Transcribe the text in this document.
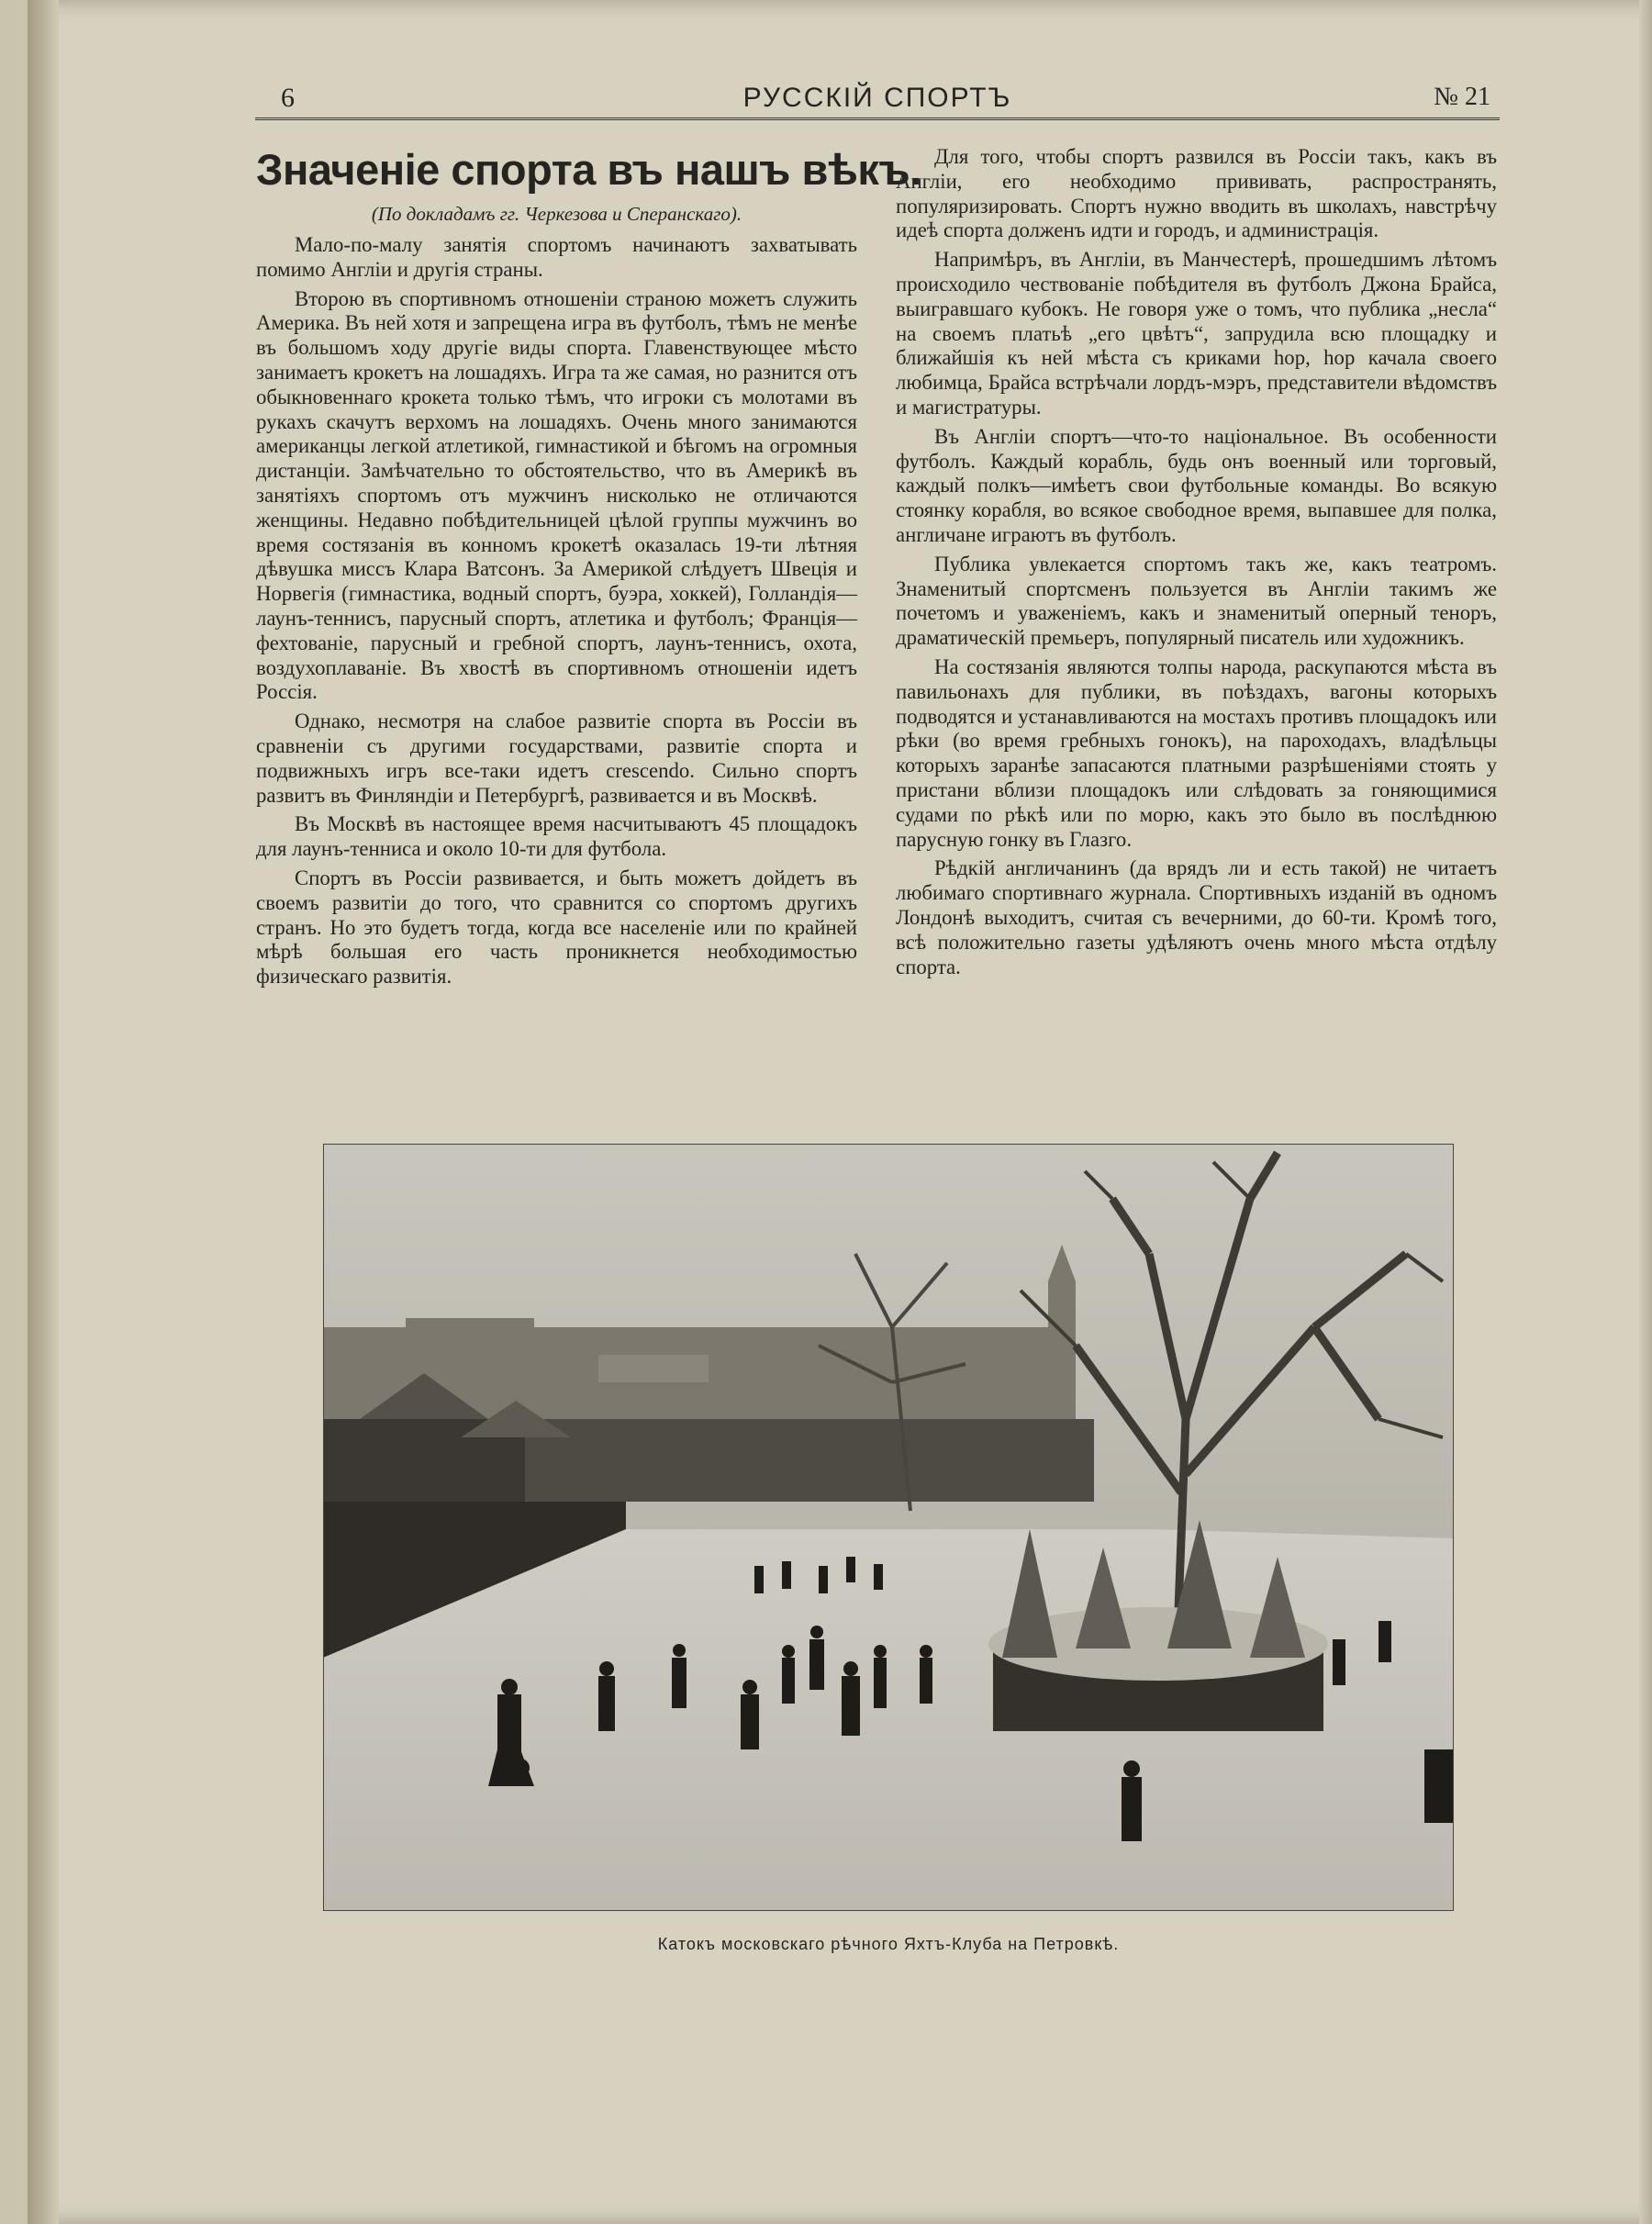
6	РУССКІЙ СПОРТЪ	№ 21
Значеніе спорта въ нашъ вѣкъ.
(По докладамъ гг. Черкезова и Сперанскаго).

Мало-по-малу занятія спортомъ начинаютъ захватывать помимо Англіи и другія страны.

Второю въ спортивномъ отношеніи страною можетъ служить Америка. Въ ней хотя и запрещена игра въ футболъ, тѣмъ не менѣе въ большомъ ходу другіе виды спорта. Главенствующее мѣсто занимаетъ крокетъ на лошадяхъ. Игра та же самая, но разнится отъ обыкновеннаго крокета только тѣмъ, что игроки съ молотами въ рукахъ скачутъ верхомъ на лошадяхъ. Очень много занимаются американцы легкой атлетикой, гимнастикой и бѣгомъ на огромныя дистанціи. Замѣчательно то обстоятельство, что въ Америкѣ въ занятіяхъ спортомъ отъ мужчинъ нисколько не отличаются женщины. Недавно побѣдительницей цѣлой группы мужчинъ во время состязанія въ конномъ крокетѣ оказалась 19-ти лѣтняя дѣвушка миссъ Клара Ватсонъ. За Америкой слѣдуетъ Швеція и Норвегія (гимнастика, водный спортъ, буэра, хоккей), Голландія—лаунъ-теннисъ, парусный спортъ, атлетика и футболъ; Франція—фехтованіе, парусный и гребной спортъ, лаунъ-теннисъ, охота, воздухоплаваніе. Въ хвостѣ въ спортивномъ отношеніи идетъ Россія.

Однако, несмотря на слабое развитіе спорта въ Россіи въ сравненіи съ другими государствами, развитіе спорта и подвижныхъ игръ все-таки идетъ crescendo. Сильно спортъ развитъ въ Финляндіи и Петербургѣ, развивается и въ Москвѣ.

Въ Москвѣ въ настоящее время насчитываютъ 45 площадокъ для лаунъ-тенниса и около 10-ти для футбола.

Спортъ въ Россіи развивается, и быть можетъ дойдетъ въ своемъ развитіи до того, что сравнится со спортомъ другихъ странъ. Но это будетъ тогда, когда все населеніе или по крайней мѣрѣ большая его часть проникнется необходимостью физическаго развитія.

Для того, чтобы спортъ развился въ Россіи такъ, какъ въ Англіи, его необходимо прививать, распространять, популяризировать. Спортъ нужно вводить въ школахъ, навстрѣчу идеѣ спорта долженъ идти и городъ, и администрація.

Напримѣръ, въ Англіи, въ Манчестерѣ, прошедшимъ лѣтомъ происходило чествованіе побѣдителя въ футболъ Джона Брайса, выигравшаго кубокъ. Не говоря уже о томъ, что публика „несла“ на своемъ платьѣ „его цвѣтъ“, запрудила всю площадку и ближайшія къ ней мѣста съ криками һор, һор качала своего любимца, Брайса встрѣчали лордъ-мэръ, представители вѣдомствъ и магистратуры.

Въ Англіи спортъ—что-то національное. Въ особенности футболъ. Каждый корабль, будь онъ военный или торговый, каждый полкъ—имѣетъ свои футбольные команды. Во всякую стоянку корабля, во всякое свободное время, выпавшее для полка, англичане играютъ въ футболъ.

Публика увлекается спортомъ такъ же, какъ театромъ. Знаменитый спортсменъ пользуется въ Англіи такимъ же почетомъ и уваженіемъ, какъ и знаменитый оперный теноръ, драматическій премьеръ, популярный писатель или художникъ.

На состязанія являются толпы народа, раскупаются мѣста въ павильонахъ для публики, въ поѣздахъ, вагоны которыхъ подводятся и устанавливаются на мостахъ противъ площадокъ или рѣки (во время гребныхъ гонокъ), на пароходахъ, владѣльцы которыхъ заранѣе запасаются платными разрѣшеніями стоять у пристани вблизи площадокъ или слѣдовать за гоняющимися судами по рѣкѣ или по морю, какъ это было въ послѣднюю парусную гонку въ Глазго.

Рѣдкій англичанинъ (да врядъ ли и есть такой) не читаетъ любимаго спортивнаго журнала. Спортивныхъ изданій въ одномъ Лондонѣ выходитъ, считая съ вечерними, до 60-ти. Кромѣ того, всѣ положительно газеты удѣляютъ очень много мѣста отдѣлу спорта.

Катокъ московскаго рѣчного Яхтъ-Клуба на Петровкѣ.
